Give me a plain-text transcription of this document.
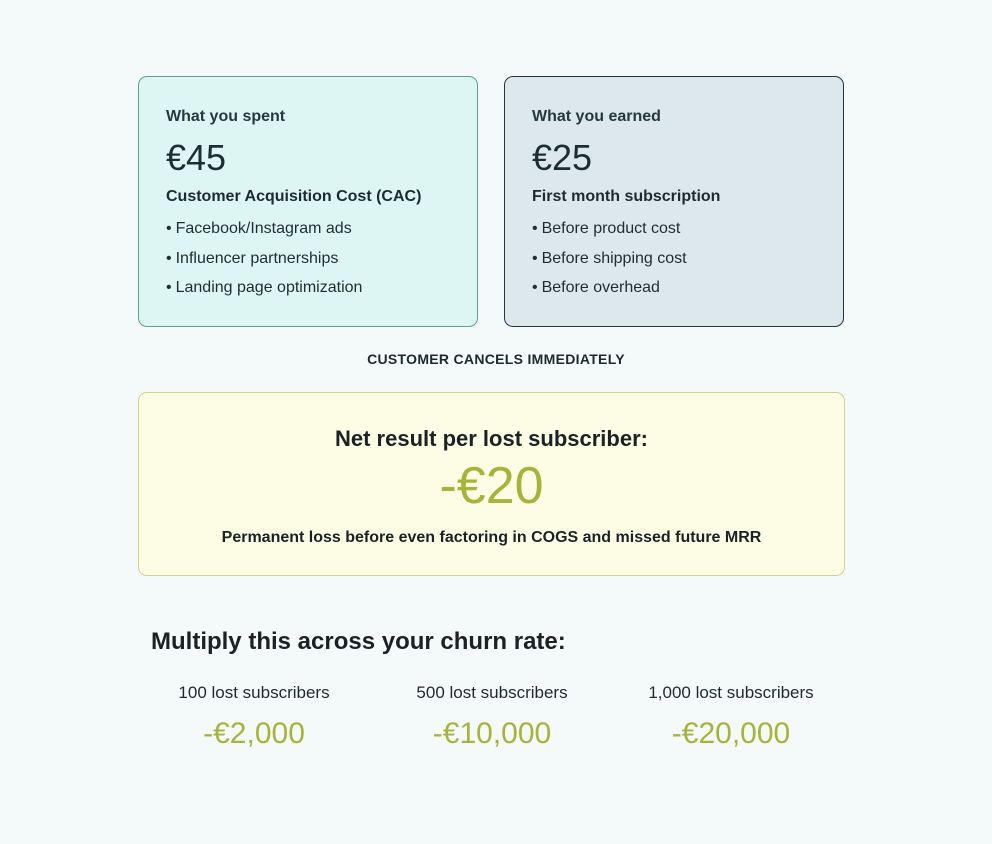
What you spent
€45
Customer Acquisition Cost (CAC)
• Facebook/Instagram ads
• Influencer partnerships
• Landing page optimization
What you earned
€25
First month subscription
• Before product cost
• Before shipping cost
• Before overhead
CUSTOMER CANCELS IMMEDIATELY
Net result per lost subscriber:
-€20
Permanent loss before even factoring in COGS and missed future MRR
Multiply this across your churn rate:
100 lost subscribers
-€2,000
500 lost subscribers
-€10,000
1,000 lost subscribers
-€20,000
